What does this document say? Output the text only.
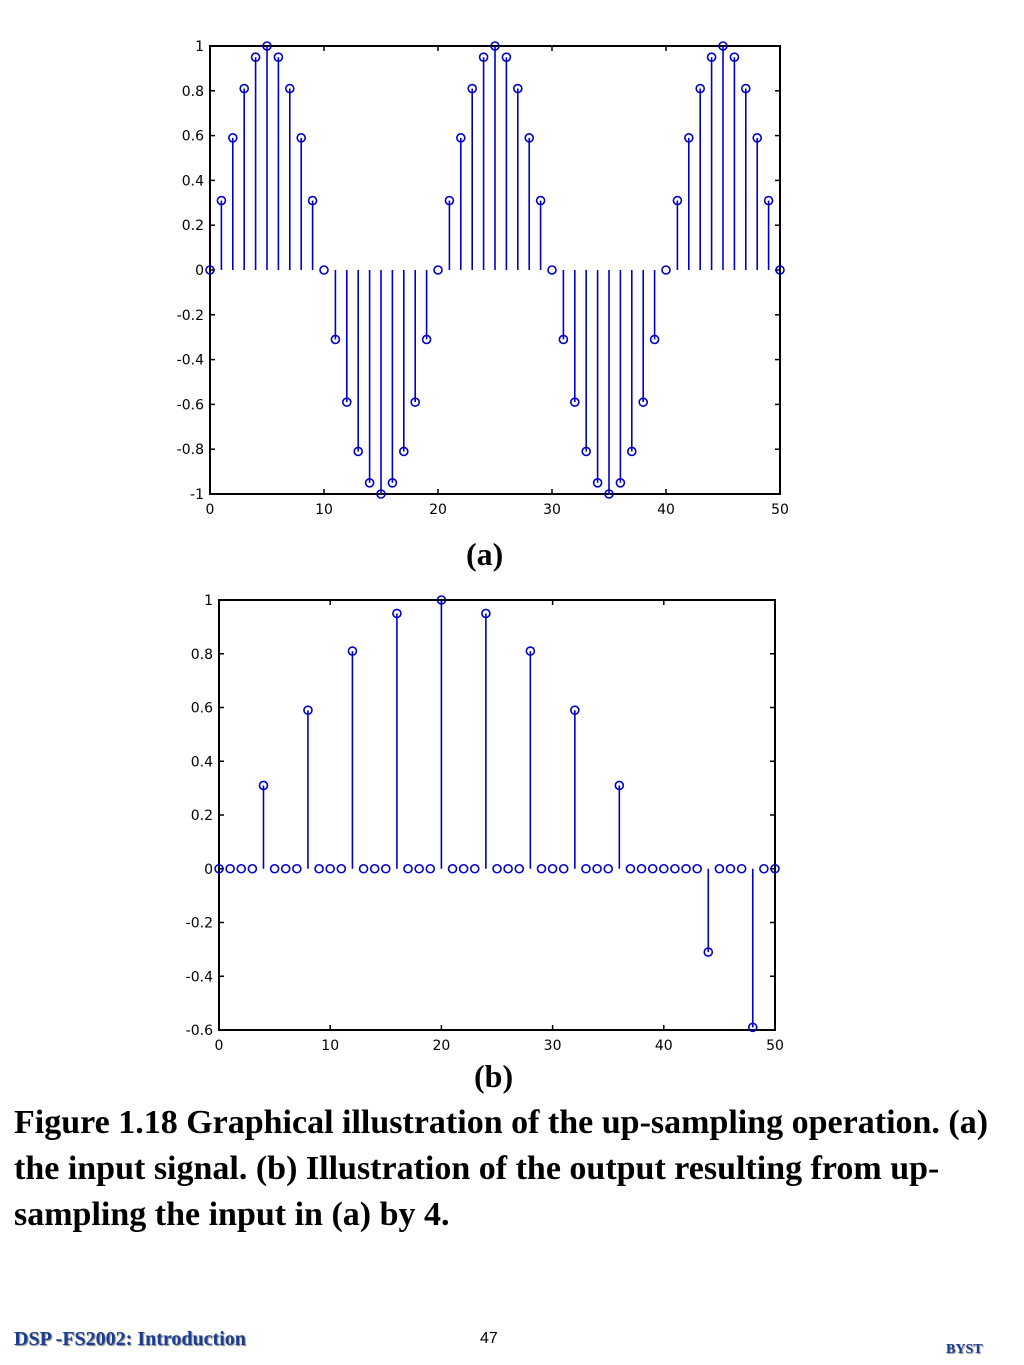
1
0.8
0.6
0.4
0.2
0
-0.2
-0.4
-0.6
-0.8
-1
0	10	20	30	40	50
(a)
1
0.8
0.6
0.4
0.2
0
-0.2
-0.4
-0.6
0	10	20	30	40	50
(b)

Figure 1.18 Graphical illustration of the up-sampling operation. (a) the input signal. (b) Illustration of the output resulting from up-sampling the input in (a) by 4.

DSP -FS2002: Introduction	47
BYST
